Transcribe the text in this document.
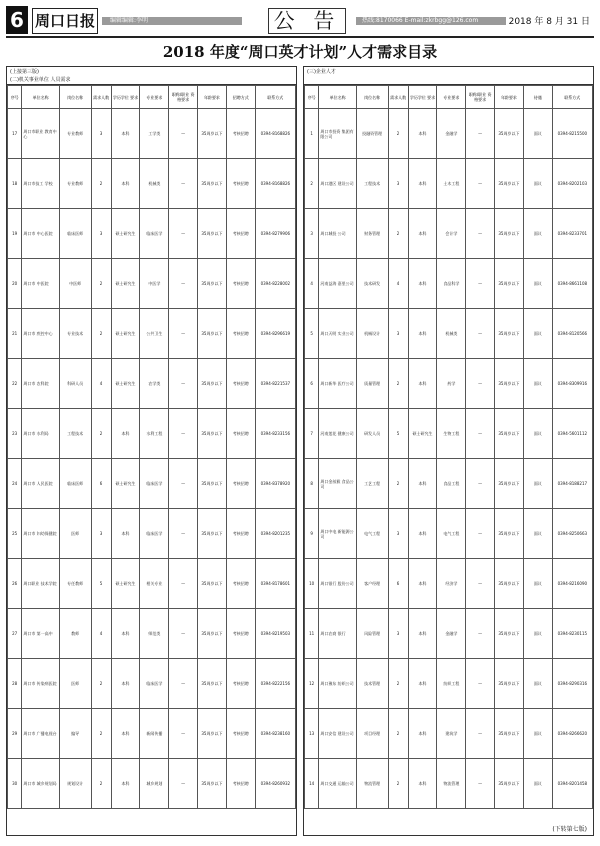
6 周口日报	编辑编辑:李明	公 告	热线:8170066 E-mail:zkrbgg@126.com	2018 年 8 月 31 日
2018 年度“周口英才计划”人才需求目录
(上接第三版)
(二)机关事业单位 人员需求
序号	单位名称	岗位名称	需求人数	学历学位 要求	专业要求	职称/职业 资格要求	年龄要求	招聘方式	联系方式
17	周口市职业 教育中心	专业教师	3	本科	工学类	—	35周岁以下	考核招聘	0394-8168826
18	周口市技工 学校	专业教师	2	本科	机械类	—	35周岁以下	考核招聘	0394-8168826
19	周口市 中心医院	临床医师	3	硕士研究生	临床医学	—	35周岁以下	考核招聘	0394-8279906
20	周口市 中医院	中医师	2	硕士研究生	中医学	—	35周岁以下	考核招聘	0394-8228002
21	周口市 疾控中心	专业技术	2	硕士研究生	公共卫生	—	35周岁以下	考核招聘	0394-8296619
22	周口市 农科院	科研人员	4	硕士研究生	农学类	—	35周岁以下	考核招聘	0394-8221537
23	周口市 水利局	工程技术	2	本科	水利工程	—	35周岁以下	考核招聘	0394-8233156
24	周口市 人民医院	临床医师	6	硕士研究生	临床医学	—	35周岁以下	考核招聘	0394-8378920
25	周口市 妇幼保健院	医师	3	本科	临床医学	—	35周岁以下	考核招聘	0394-8201235
26	周口职业 技术学院	专任教师	5	硕士研究生	相关专业	—	35周岁以下	考核招聘	0394-8178601
27	周口市 第一高中	教师	4	本科	师范类	—	35周岁以下	考核招聘	0394-8219503
28	周口市 传染病医院	医师	2	本科	临床医学	—	35周岁以下	考核招聘	0394-8222156
29	周口市 广播电视台	编导	2	本科	新闻传播	—	35周岁以下	考核招聘	0394-8238160
30	周口市 城乡规划局	规划设计	2	本科	城乡规划	—	35周岁以下	考核招聘	0394-8260932
(三)企业人才
序号	单位名称	岗位名称	需求人数	学历学位 要求	专业要求	职称/职业 资格要求	年龄要求	待遇	联系方式
1	周口市投资 集团有限公司	投融资管理	2	本科	金融学	—	35周岁以下	面议	0394-8215500
2	周口港区 建设公司	工程技术	3	本科	土木工程	—	35周岁以下	面议	0394-8202103
3	周口城投 公司	财务管理	2	本科	会计学	—	35周岁以下	面议	0394-8233701
4	河南益海 嘉里公司	技术研发	4	本科	食品科学	—	35周岁以下	面议	0394-8661108
5	周口天明 实业公司	机械设计	3	本科	机械类	—	35周岁以下	面议	0394-8120566
6	周口新华 医疗公司	质量管理	2	本科	药学	—	35周岁以下	面议	0394-8309916
7	河南莲花 健康公司	研发人员	5	硕士研究生	生物工程	—	35周岁以下	面议	0394-5601112
8	周口金丝猴 食品公司	工艺工程	2	本科	食品工程	—	35周岁以下	面议	0394-8188217
9	周口中电 新能源公司	电气工程	3	本科	电气工程	—	35周岁以下	面议	0394-8250663
10	周口银行 股份公司	客户经理	6	本科	经济学	—	35周岁以下	面议	0394-8216090
11	周口农商 银行	风险管理	3	本科	金融学	—	35周岁以下	面议	0394-8230115
12	周口豫东 纺织公司	技术管理	2	本科	纺织工程	—	35周岁以下	面议	0394-8290316
13	周口安信 建设公司	项目经理	2	本科	建筑学	—	35周岁以下	面议	0394-8266620
14	周口交通 运输公司	物流管理	2	本科	物流管理	—	35周岁以下	面议	0394-8201458
(下转第七版)
